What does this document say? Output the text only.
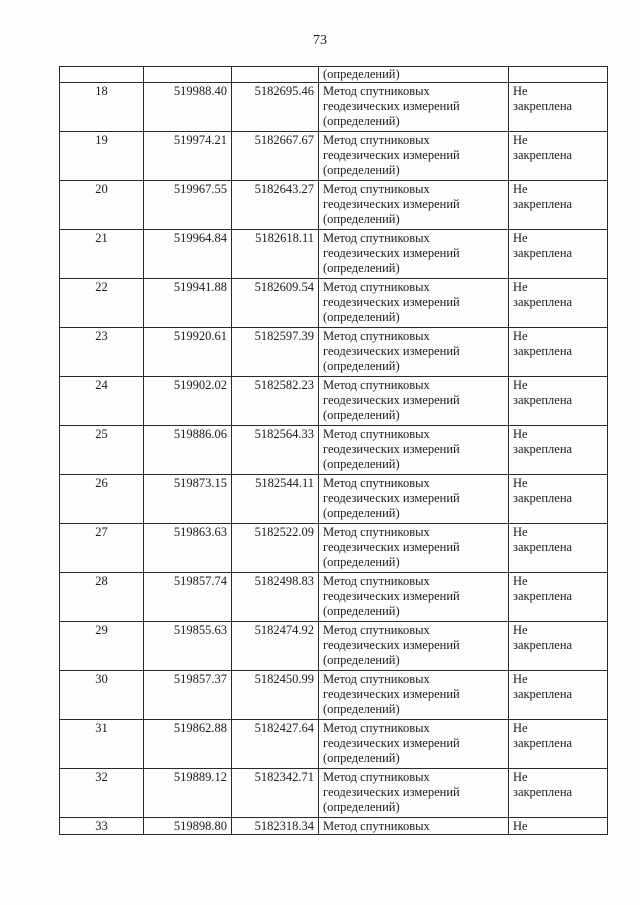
73
			(определений)	
18	519988.40	5182695.46	Метод спутниковых
геодезических измерений
(определений)	Не
закреплена
19	519974.21	5182667.67	Метод спутниковых
геодезических измерений
(определений)	Не
закреплена
20	519967.55	5182643.27	Метод спутниковых
геодезических измерений
(определений)	Не
закреплена
21	519964.84	5182618.11	Метод спутниковых
геодезических измерений
(определений)	Не
закреплена
22	519941.88	5182609.54	Метод спутниковых
геодезических измерений
(определений)	Не
закреплена
23	519920.61	5182597.39	Метод спутниковых
геодезических измерений
(определений)	Не
закреплена
24	519902.02	5182582.23	Метод спутниковых
геодезических измерений
(определений)	Не
закреплена
25	519886.06	5182564.33	Метод спутниковых
геодезических измерений
(определений)	Не
закреплена
26	519873.15	5182544.11	Метод спутниковых
геодезических измерений
(определений)	Не
закреплена
27	519863.63	5182522.09	Метод спутниковых
геодезических измерений
(определений)	Не
закреплена
28	519857.74	5182498.83	Метод спутниковых
геодезических измерений
(определений)	Не
закреплена
29	519855.63	5182474.92	Метод спутниковых
геодезических измерений
(определений)	Не
закреплена
30	519857.37	5182450.99	Метод спутниковых
геодезических измерений
(определений)	Не
закреплена
31	519862.88	5182427.64	Метод спутниковых
геодезических измерений
(определений)	Не
закреплена
32	519889.12	5182342.71	Метод спутниковых
геодезических измерений
(определений)	Не
закреплена
33	519898.80	5182318.34	Метод спутниковых	Не
